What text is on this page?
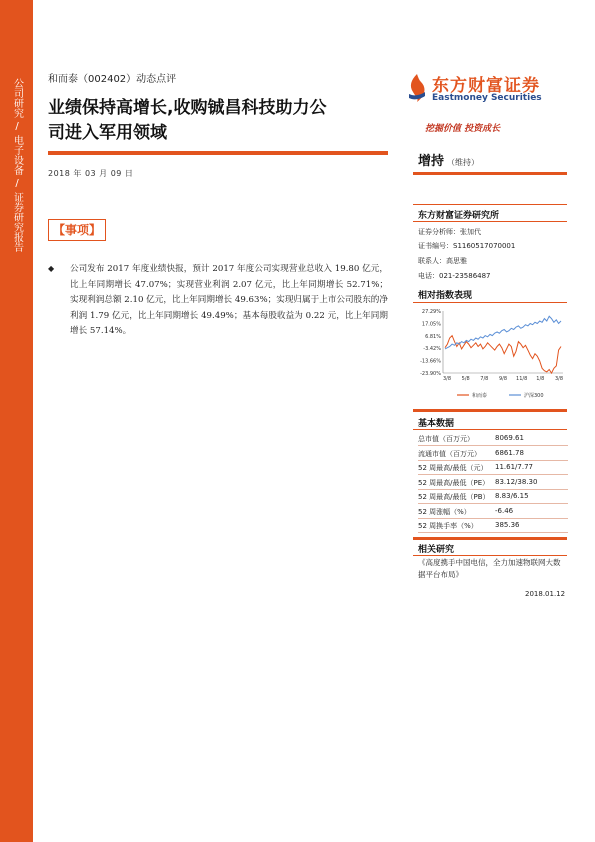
公司研究
/
电子设备
/
证券研究报告
和而泰（002402）动态点评
业绩保持高增长,收购铖昌科技助力公
司进入军用领域
2018 年 03 月 09 日
【事项】
◆ 公司发布 2017 年度业绩快报，预计 2017 年度公司实现营业总收入 19.80 亿元，比上年同期增长 47.07%；实现营业利润 2.07 亿元，比上年同期增长 52.71%；实现利润总额 2.10 亿元，比上年同期增长 49.63%；实现归属于上市公司股东的净利润 1.79 亿元，比上年同期增长 49.49%；基本每股收益为 0.22 元，比上年同期增长 57.14%。
东方财富证券
Eastmoney Securities
挖掘价值 投资成长
增持 （维持）
东方财富证券研究所
证券分析师：张加代
证书编号：S1160517070001
联系人：高思雅
电话：021-23586487
相对指数表现
27.29%
17.05%
6.81%
-3.42%
-13.66%
-23.90%
3/8 5/8 7/8 9/8 11/8 1/8 3/8
和而泰	沪深300
基本数据
总市值（百万元）	8069.61
流通市值（百万元） 6861.78
52 周最高/最低（元） 11.61/7.77
52 周最高/最低（PE） 83.12/38.30
52 周最高/最低（PB） 8.83/6.15
52 周涨幅（%）	-6.46
52 周换手率（%） 385.36
相关研究
《高度携手中国电信，全力加速物联网大数据平台布局》
2018.01.12
